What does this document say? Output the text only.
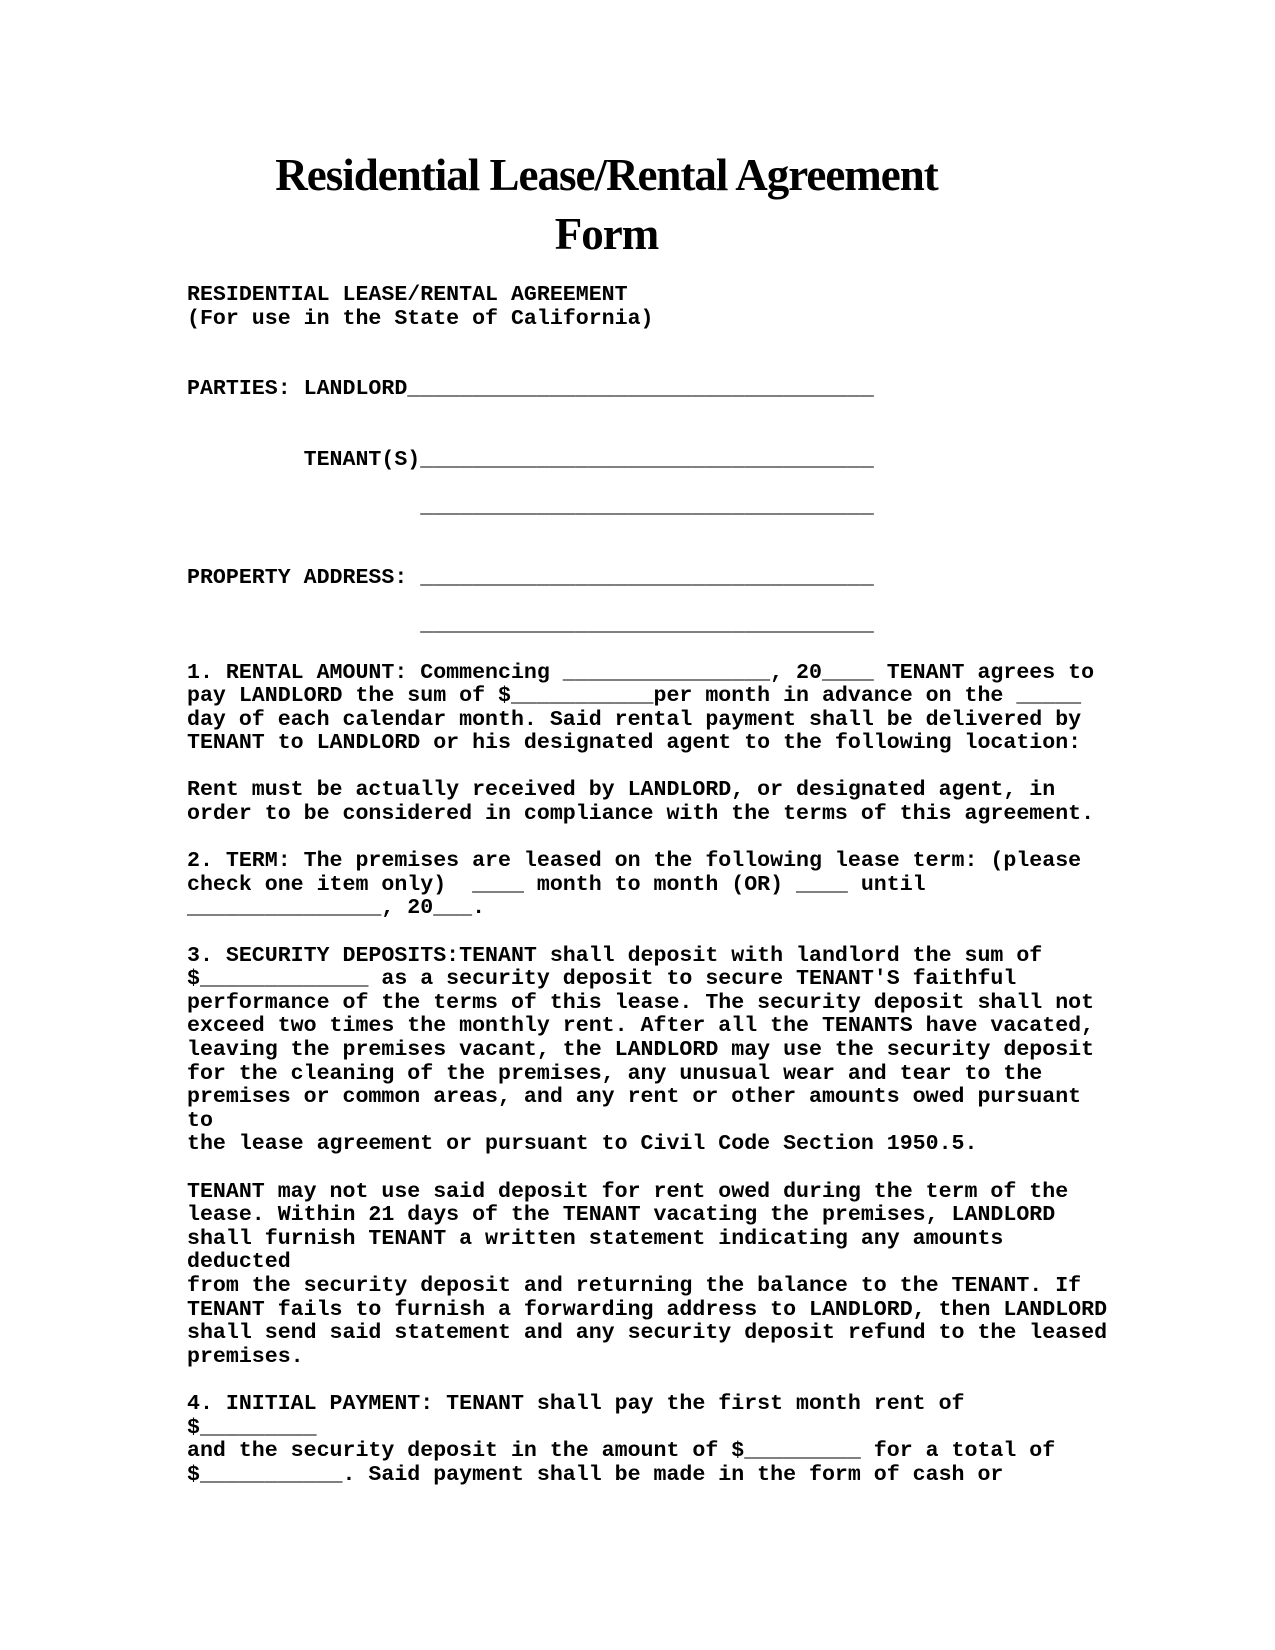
Residential Lease/Rental Agreement
Form
RESIDENTIAL LEASE/RENTAL AGREEMENT
(For use in the State of California)
PARTIES: LANDLORD____________________________________
TENANT(S)___________________________________
___________________________________
PROPERTY ADDRESS: ___________________________________
___________________________________
1. RENTAL AMOUNT: Commencing ________________, 20____ TENANT agrees to
pay LANDLORD the sum of $___________per month in advance on the _____
day of each calendar month. Said rental payment shall be delivered by
TENANT to LANDLORD or his designated agent to the following location:
Rent must be actually received by LANDLORD, or designated agent, in
order to be considered in compliance with the terms of this agreement.
2. TERM: The premises are leased on the following lease term: (please
check one item only)  ____ month to month (OR) ____ until
_______________, 20___.
3. SECURITY DEPOSITS:TENANT shall deposit with landlord the sum of
$_____________ as a security deposit to secure TENANT'S faithful
performance of the terms of this lease. The security deposit shall not
exceed two times the monthly rent. After all the TENANTS have vacated,
leaving the premises vacant, the LANDLORD may use the security deposit
for the cleaning of the premises, any unusual wear and tear to the
premises or common areas, and any rent or other amounts owed pursuant
to
the lease agreement or pursuant to Civil Code Section 1950.5.
TENANT may not use said deposit for rent owed during the term of the
lease. Within 21 days of the TENANT vacating the premises, LANDLORD
shall furnish TENANT a written statement indicating any amounts
deducted
from the security deposit and returning the balance to the TENANT. If
TENANT fails to furnish a forwarding address to LANDLORD, then LANDLORD
shall send said statement and any security deposit refund to the leased
premises.
4. INITIAL PAYMENT: TENANT shall pay the first month rent of
$_________
and the security deposit in the amount of $_________ for a total of
$___________. Said payment shall be made in the form of cash or
